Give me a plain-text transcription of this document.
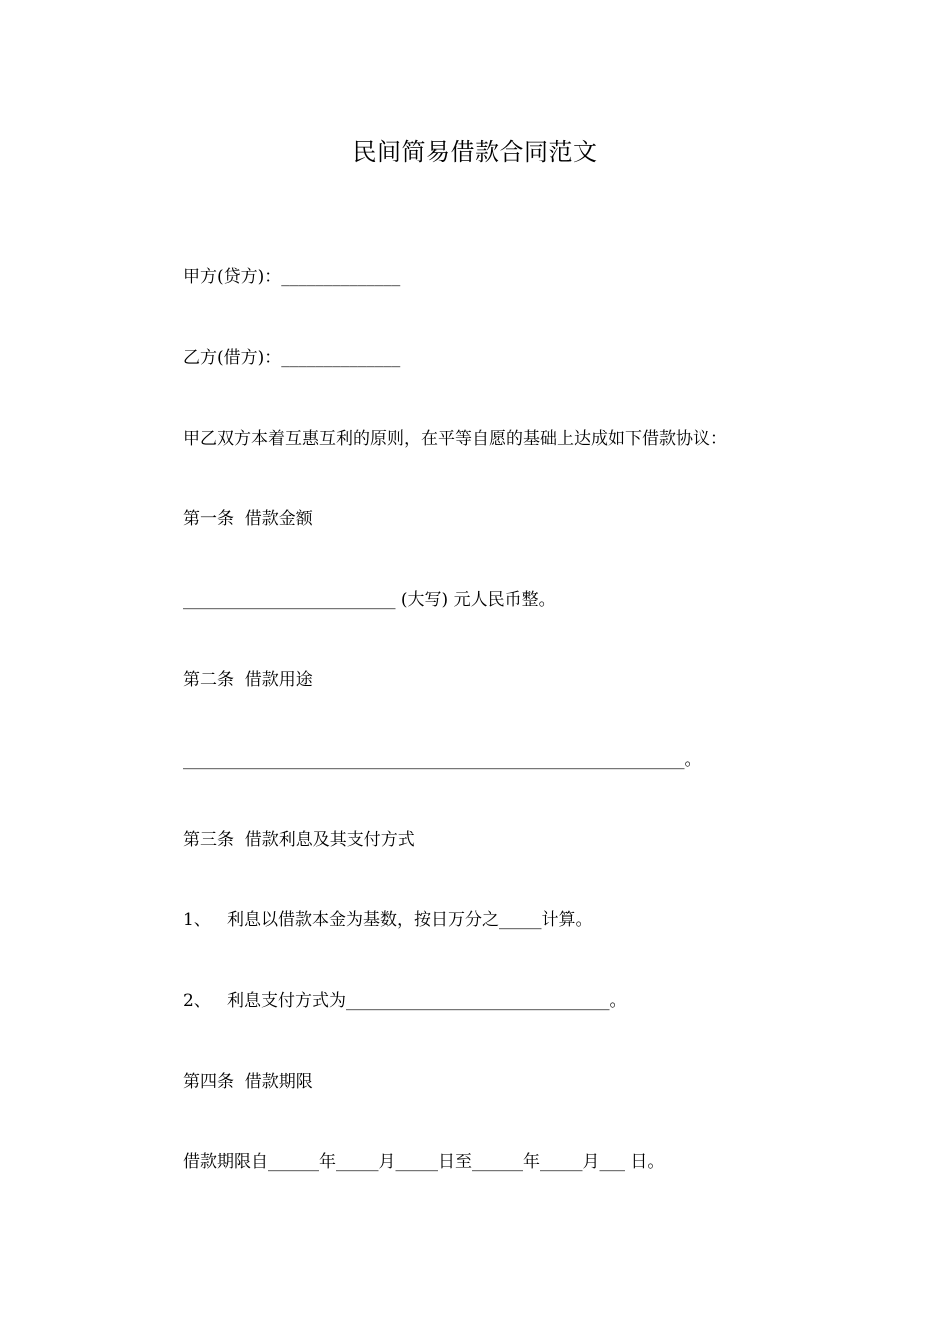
民间简易借款合同范文
甲方(贷方)：______________
乙方(借方)：______________
甲乙双方本着互惠互利的原则，在平等自愿的基础上达成如下借款协议：
第一条  借款金额
_________________________ (大写) 元人民币整。
第二条  借款用途
___________________________________________________________。
第三条  借款利息及其支付方式
1、   利息以借款本金为基数，按日万分之_____计算。
2、   利息支付方式为_______________________________。
第四条  借款期限
借款期限自______年_____月_____日至______年_____月___ 日。
